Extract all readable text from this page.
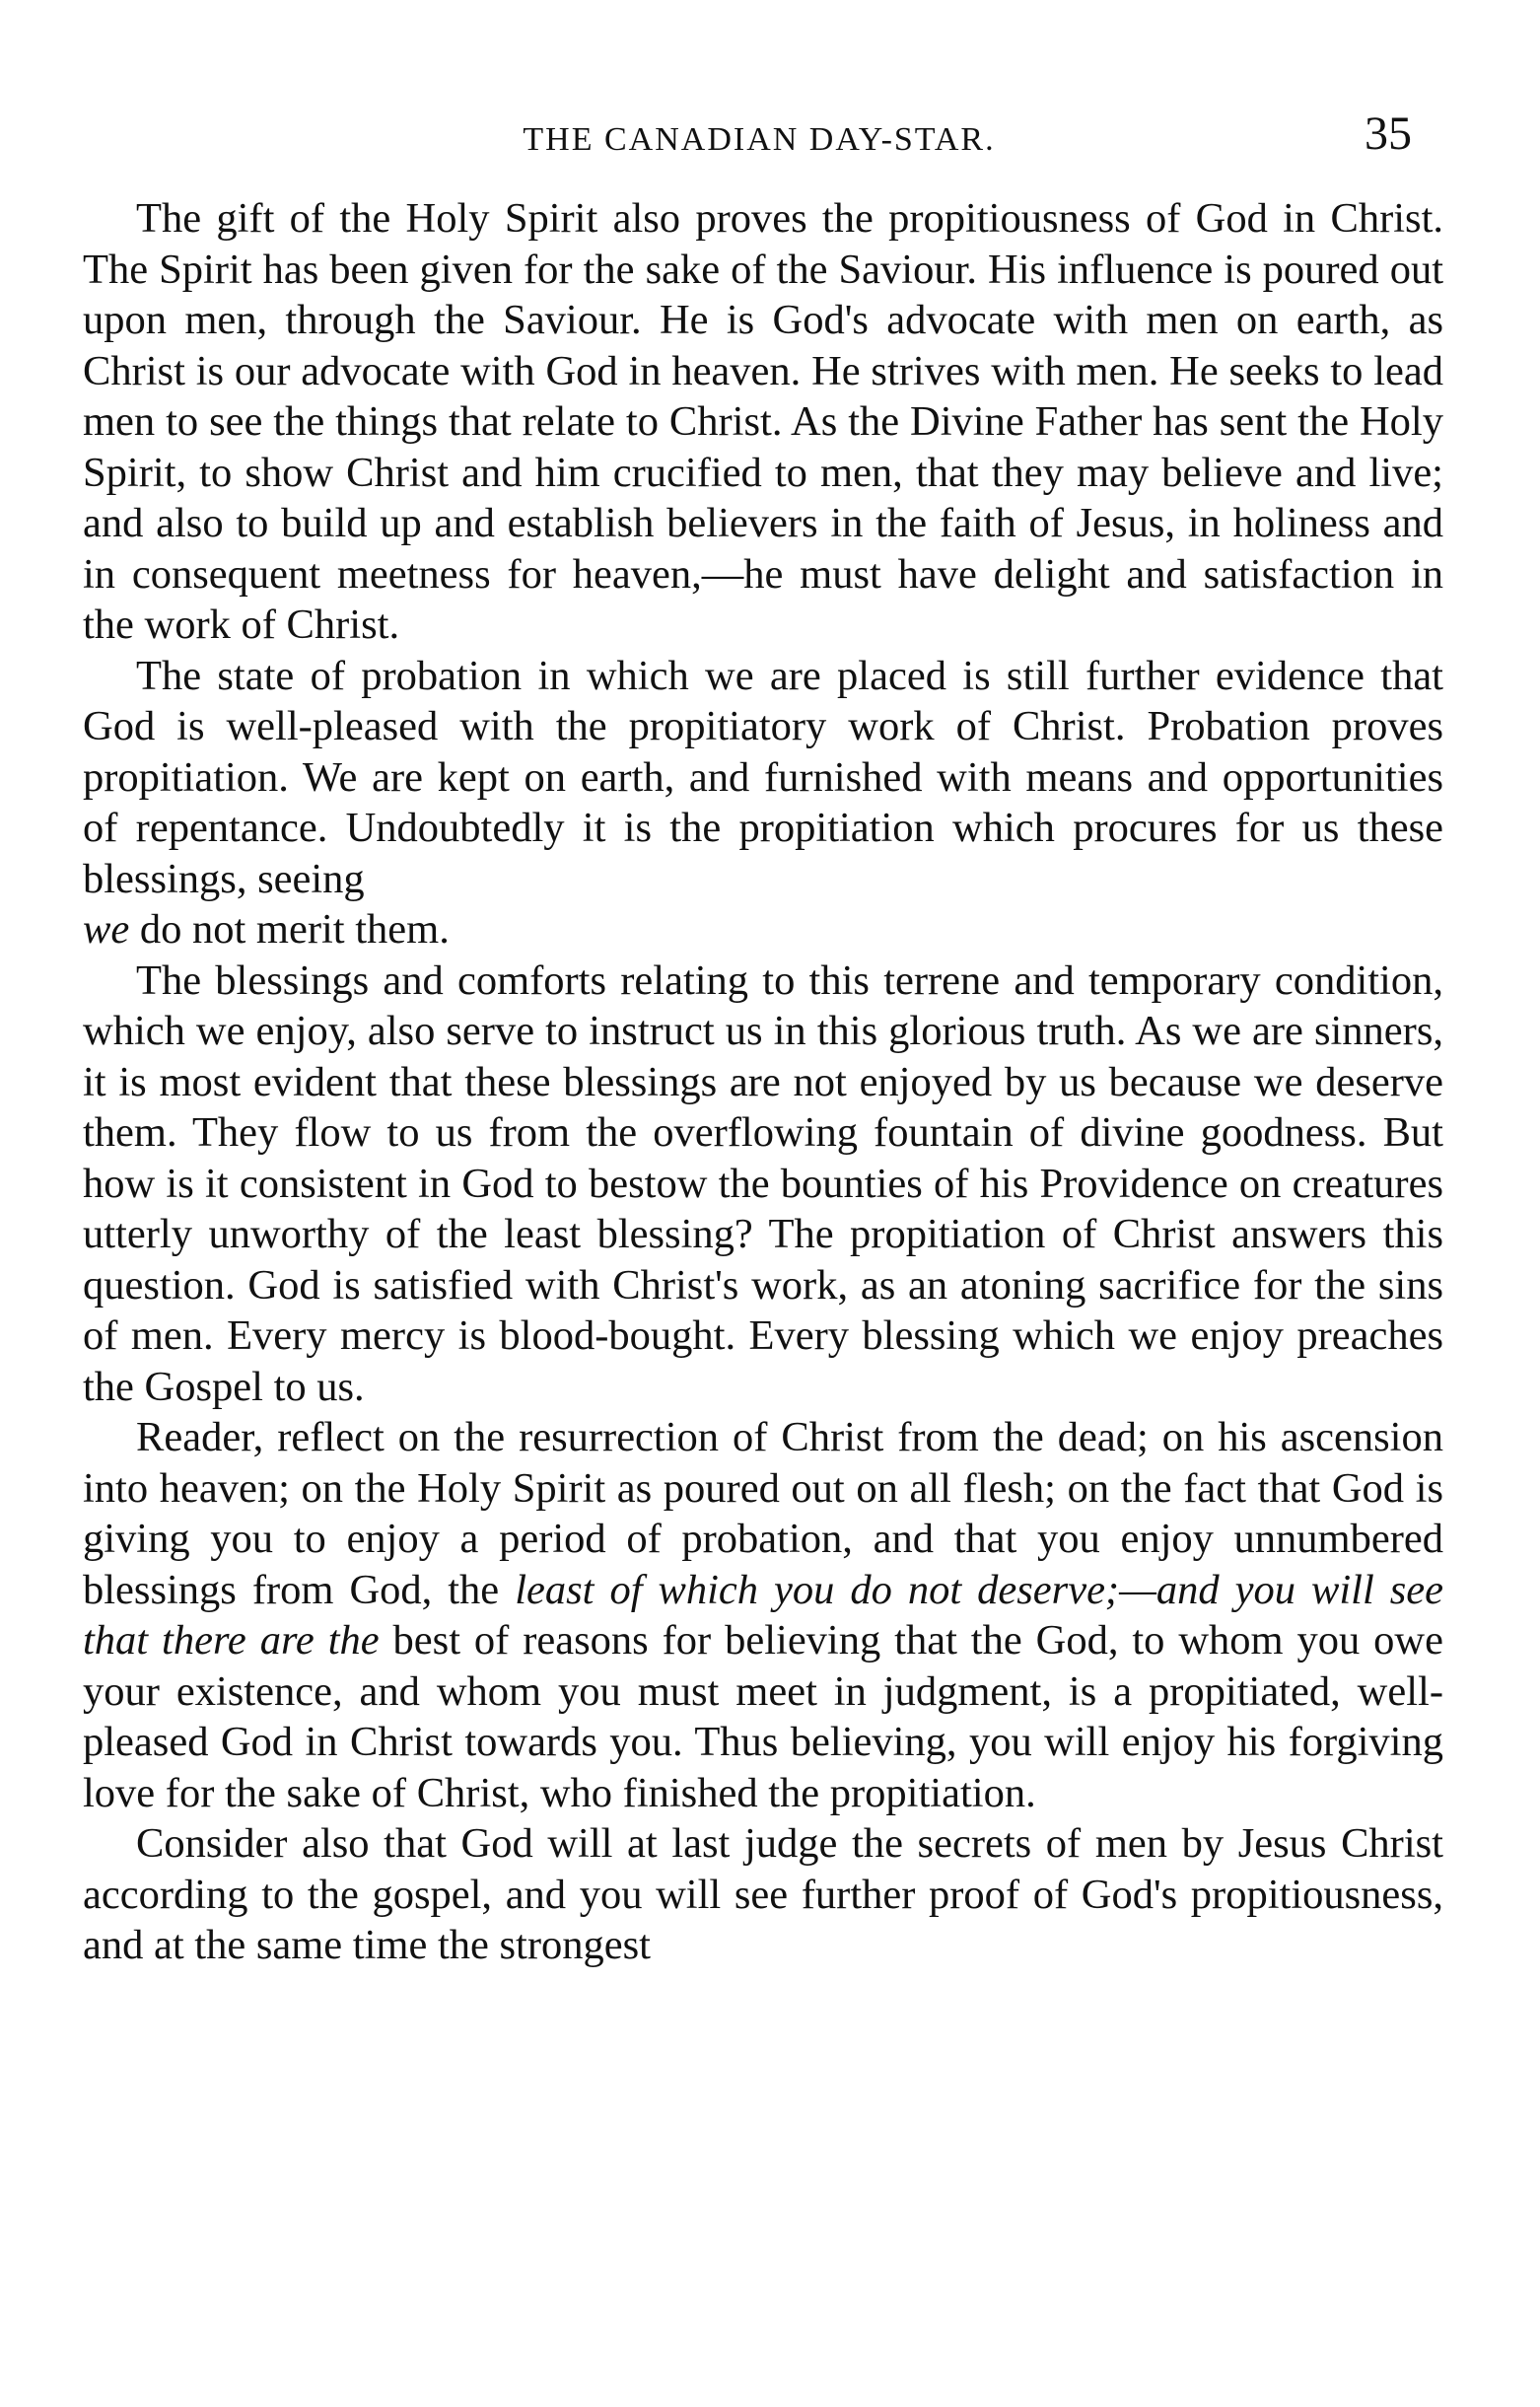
THE CANADIAN DAY-STAR.	35

The gift of the Holy Spirit also proves the propitiousness of God in Christ. The Spirit has been given for the sake of the Saviour. His influence is poured out upon men, through the Saviour. He is God's advocate with men on earth, as Christ is our advocate with God in heaven. He strives with men. He seeks to lead men to see the things that relate to Christ. As the Divine Father has sent the Holy Spirit, to show Christ and him crucified to men, that they may believe and live; and also to build up and establish believers in the faith of Jesus, in holiness and in consequent meetness for heaven,—he must have delight and satisfaction in the work of Christ.

The state of probation in which we are placed is still further evidence that God is well-pleased with the propitiatory work of Christ. Probation proves propitiation. We are kept on earth, and furnished with means and opportunities of repentance. Undoubtedly it is the propitiation which procures for us these blessings, seeing
we do not merit them.

The blessings and comforts relating to this terrene and temporary condition, which we enjoy, also serve to instruct us in this glorious truth. As we are sinners, it is most evident that these blessings are not enjoyed by us because we deserve them. They flow to us from the overflowing fountain of divine goodness. But how is it consistent in God to bestow the bounties of his Providence on creatures utterly unworthy of the least blessing? The propitiation of Christ answers this question. God is satisfied with Christ's work, as an atoning sacrifice for the sins of men. Every mercy is blood-bought. Every blessing which we enjoy preaches the Gospel to us.

Reader, reflect on the resurrection of Christ from the dead; on his ascension into heaven; on the Holy Spirit as poured out on all flesh; on the fact that God is giving you to enjoy a period of probation, and that you enjoy unnumbered blessings from God, the least of which you do not deserve;—and you will see that there are the best of reasons for believing that the God, to whom you owe your existence, and whom you must meet in judgment, is a propitiated, well-pleased God in Christ towards you. Thus believing, you will enjoy his forgiving love for the sake of Christ, who finished the propitiation.

Consider also that God will at last judge the secrets of men by Jesus Christ according to the gospel, and you will see further proof of God's propitiousness, and at the same time the strongest
